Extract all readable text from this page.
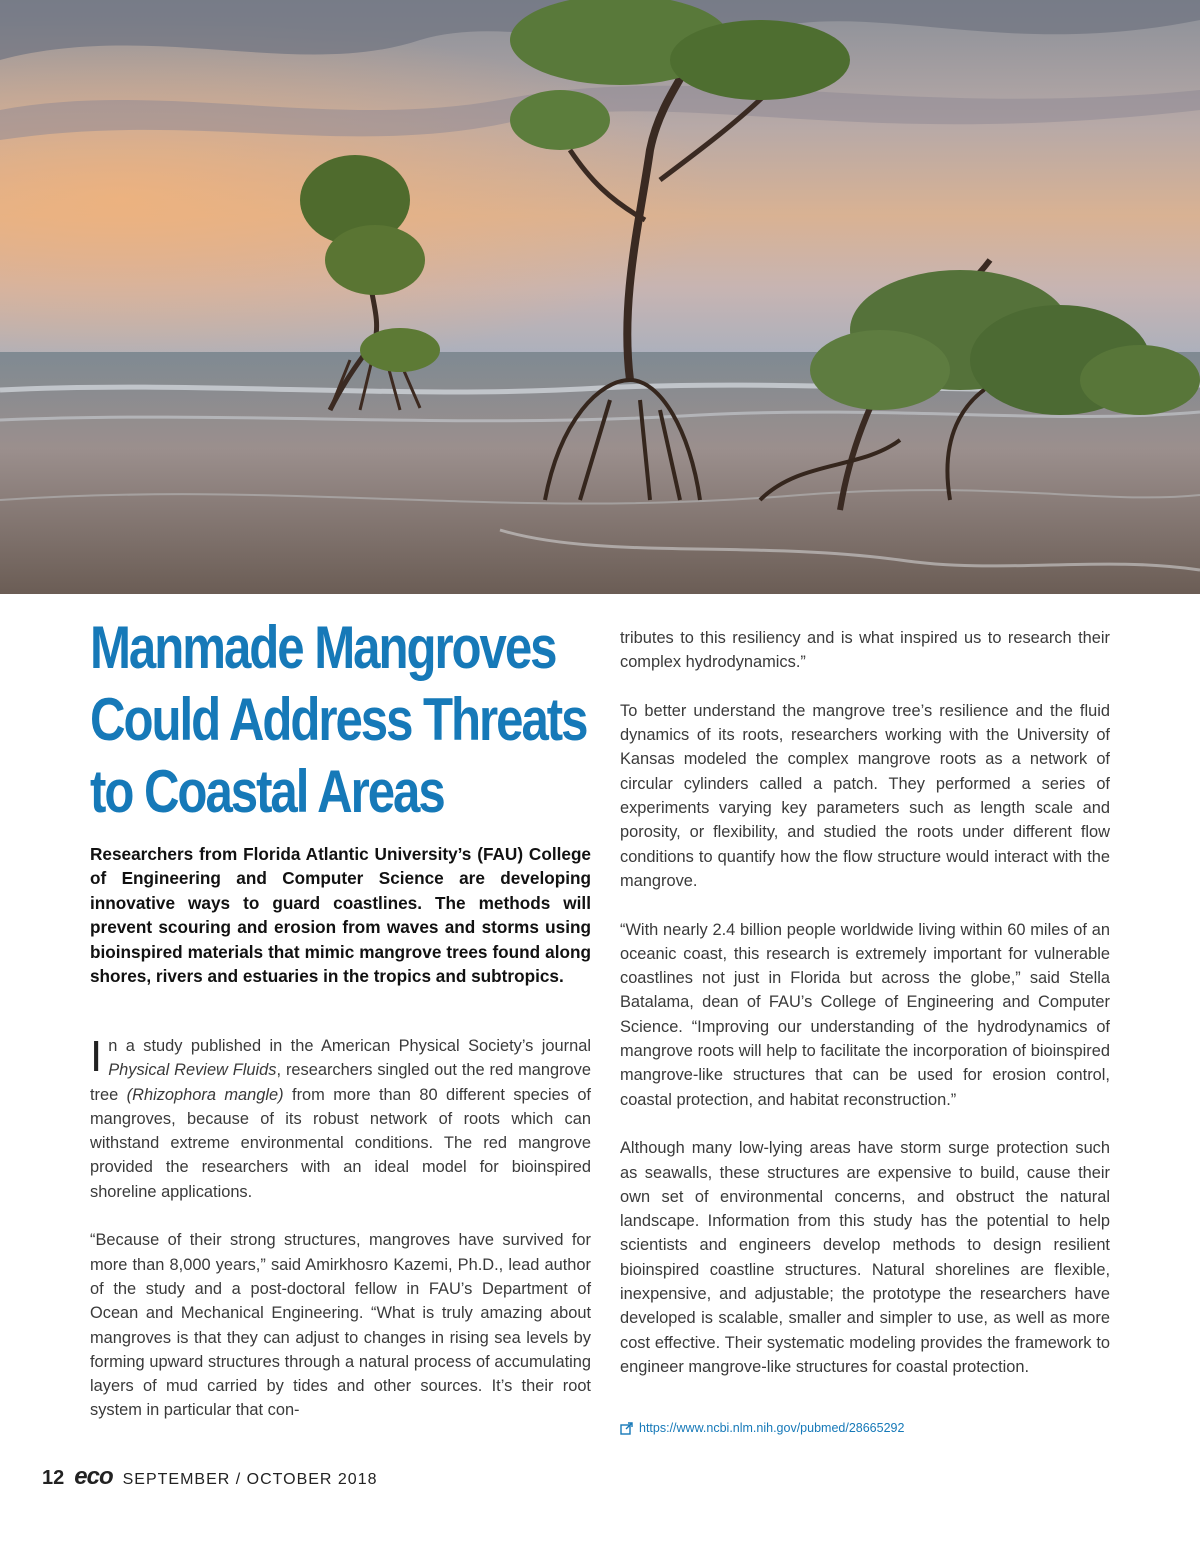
Manmade Mangroves
Could Address Threats
to Coastal Areas

Researchers from Florida Atlantic University’s (FAU) College of Engineering and Computer Science are developing innovative ways to guard coastlines. The methods will prevent scouring and erosion from waves and storms using bioinspired materials that mimic mangrove trees found along shores, rivers and estuaries in the tropics and subtropics.

In a study published in the American Physical Society’s journal Physical Review Fluids, researchers singled out the red mangrove tree (Rhizophora mangle) from more than 80 different species of mangroves, because of its robust network of roots which can withstand extreme environmental conditions. The red mangrove provided the researchers with an ideal model for bioinspired shoreline applications.

“Because of their strong structures, mangroves have survived for more than 8,000 years,” said Amirkhosro Kazemi, Ph.D., lead author of the study and a post-doctoral fellow in FAU’s Department of Ocean and Mechanical Engineering. “What is truly amazing about mangroves is that they can adjust to changes in rising sea levels by forming upward structures through a natural process of accumulating layers of mud carried by tides and other sources. It’s their root system in particular that con-

tributes to this resiliency and is what inspired us to research their complex hydrodynamics.”

To better understand the mangrove tree’s resilience and the fluid dynamics of its roots, researchers working with the University of Kansas modeled the complex mangrove roots as a network of circular cylinders called a patch. They performed a series of experiments varying key parameters such as length scale and porosity, or flexibility, and studied the roots under different flow conditions to quantify how the flow structure would interact with the mangrove.

“With nearly 2.4 billion people worldwide living within 60 miles of an oceanic coast, this research is extremely important for vulnerable coastlines not just in Florida but across the globe,” said Stella Batalama, dean of FAU’s College of Engineering and Computer Science. “Improving our understanding of the hydrodynamics of mangrove roots will help to facilitate the incorporation of bioinspired mangrove-like structures that can be used for erosion control, coastal protection, and habitat reconstruction.”

Although many low-lying areas have storm surge protection such as seawalls, these structures are expensive to build, cause their own set of environmental concerns, and obstruct the natural landscape. Information from this study has the potential to help scientists and engineers develop methods to design resilient bioinspired coastline structures. Natural shorelines are flexible, inexpensive, and adjustable; the prototype the researchers have developed is scalable, smaller and simpler to use, as well as more cost effective. Their systematic modeling provides the framework to engineer mangrove-like structures for coastal protection.

https://www.ncbi.nlm.nih.gov/pubmed/28665292
12 eco SEPTEMBER / OCTOBER 2018
